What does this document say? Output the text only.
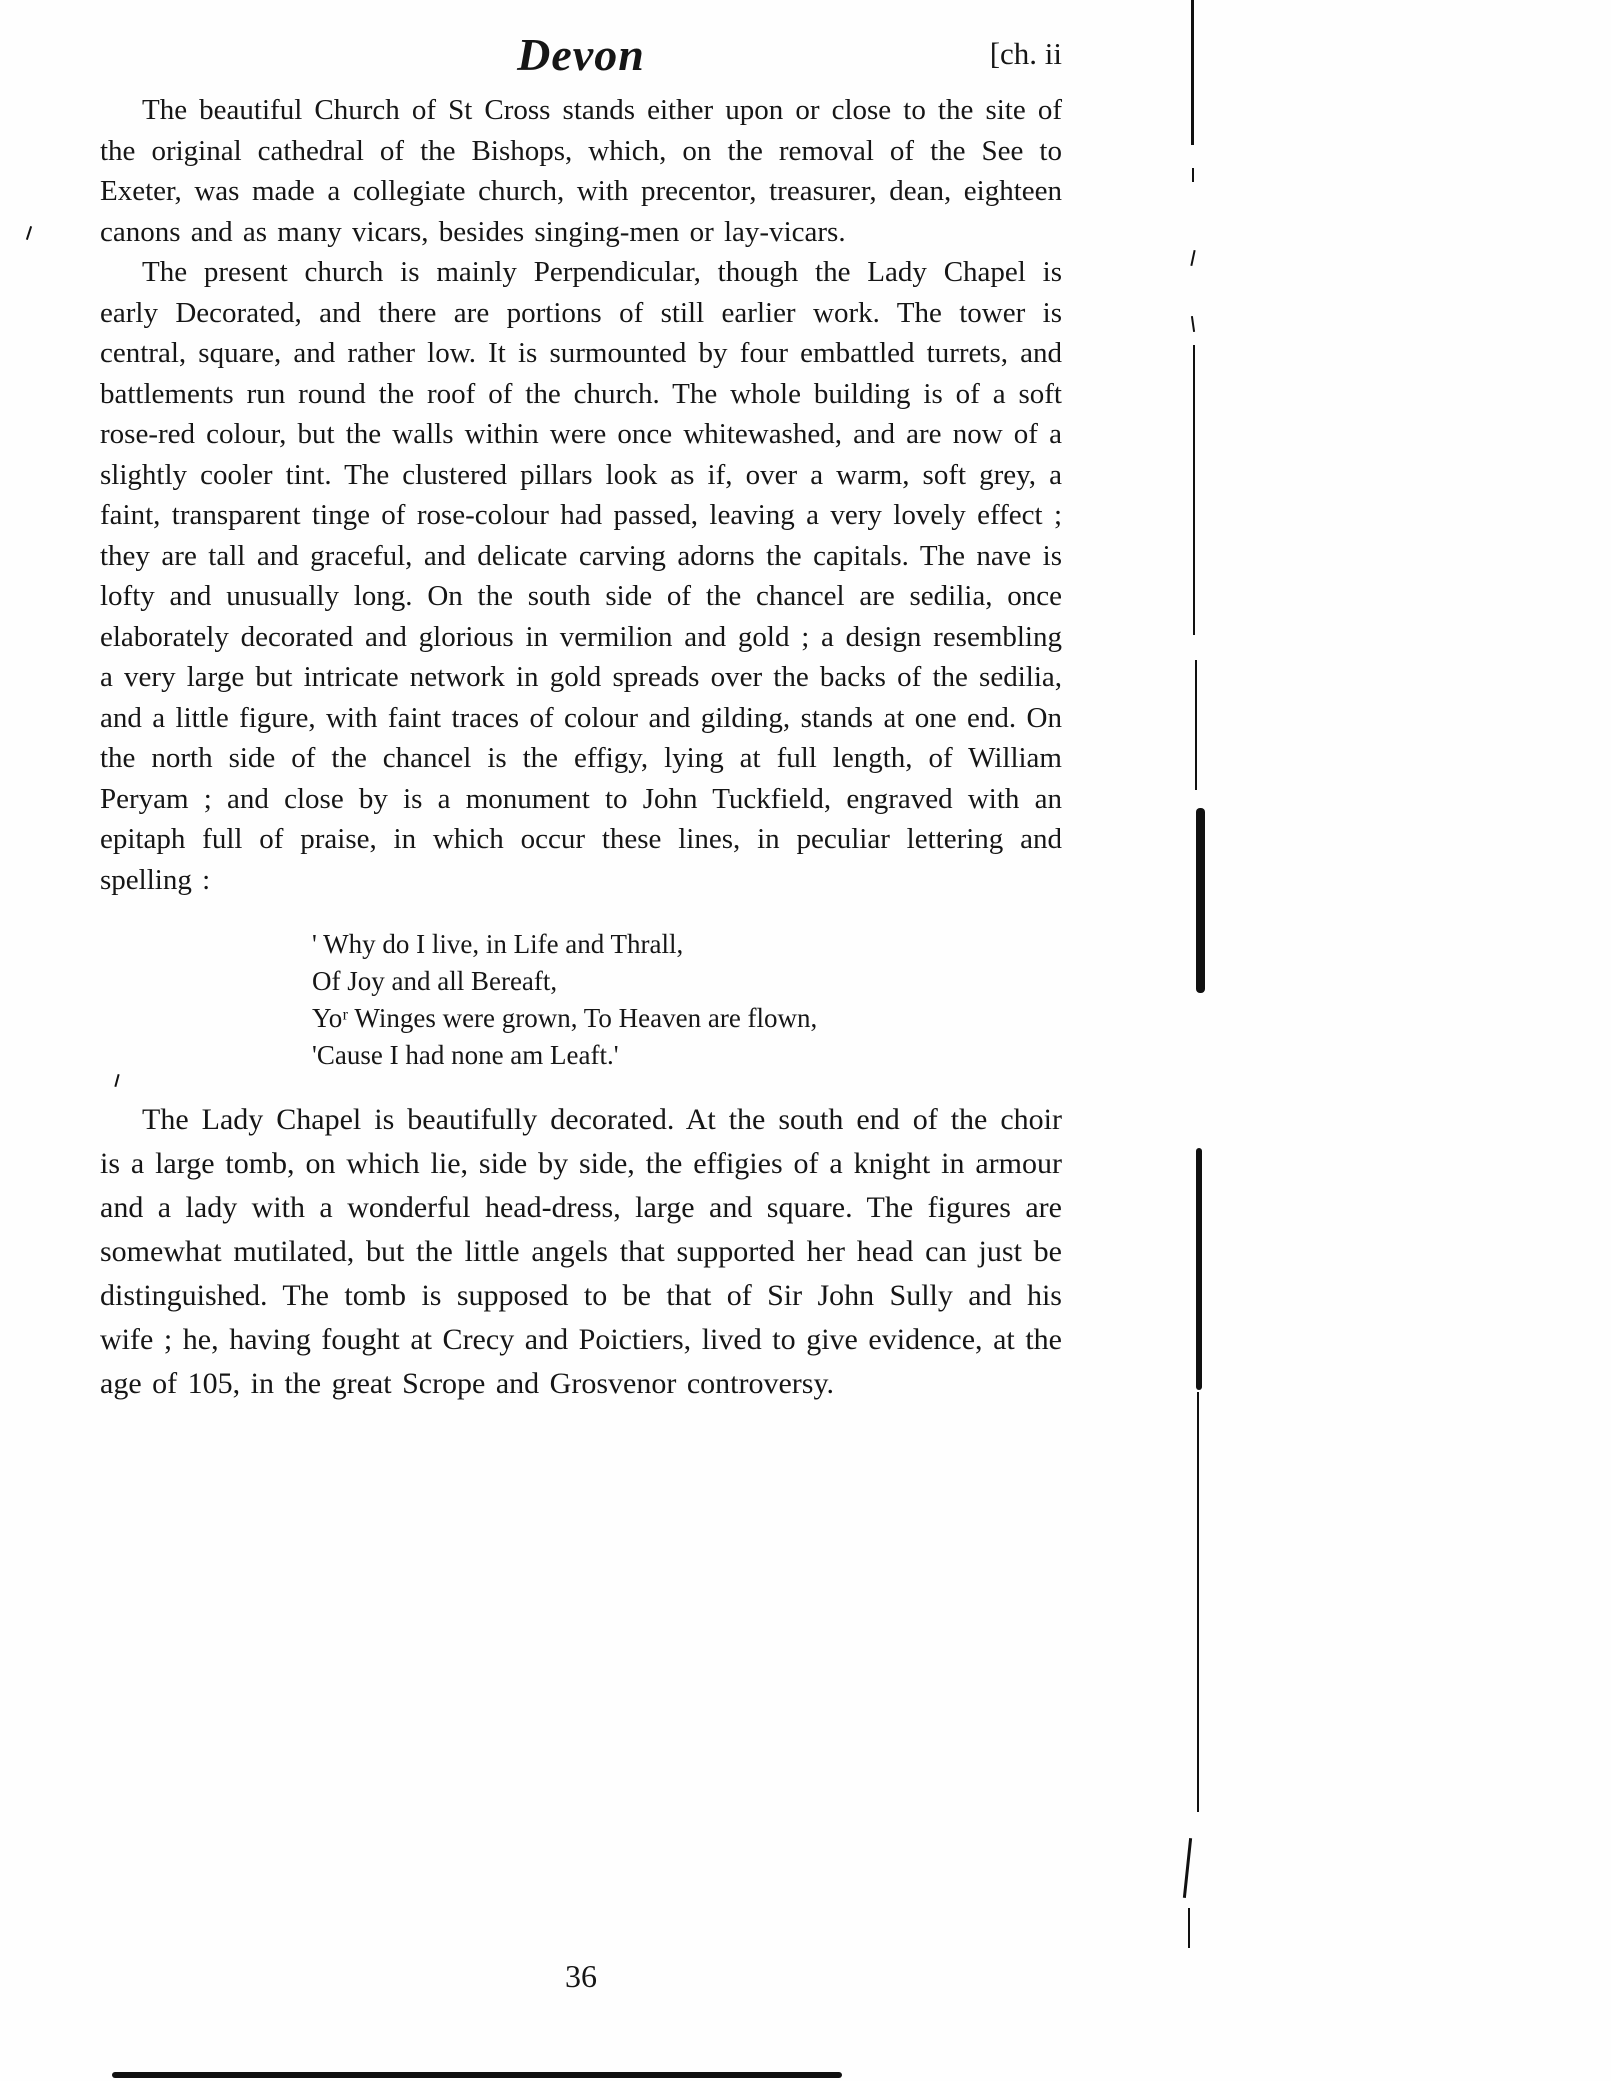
Devon	[ch. ii

The beautiful Church of St Cross stands either upon or close to the site of the original cathedral of the Bishops, which, on the removal of the See to Exeter, was made a collegiate church, with precentor, treasurer, dean, eighteen canons and as many vicars, besides singing-men or lay-vicars.

The present church is mainly Perpendicular, though the Lady Chapel is early Decorated, and there are portions of still earlier work. The tower is central, square, and rather low. It is surmounted by four embattled turrets, and battlements run round the roof of the church. The whole building is of a soft rose-red colour, but the walls within were once whitewashed, and are now of a slightly cooler tint. The clustered pillars look as if, over a warm, soft grey, a faint, transparent tinge of rose-colour had passed, leaving a very lovely effect ; they are tall and graceful, and delicate carving adorns the capitals. The nave is lofty and unusually long. On the south side of the chancel are sedilia, once elaborately decorated and glorious in vermilion and gold ; a design resembling a very large but intricate network in gold spreads over the backs of the sedilia, and a little figure, with faint traces of colour and gilding, stands at one end. On the north side of the chancel is the effigy, lying at full length, of William Peryam ; and close by is a monument to John Tuckfield, engraved with an epitaph full of praise, in which occur these lines, in peculiar lettering and spelling :

' Why do I live, in Life and Thrall,
Of Joy and all Bereaft,
Yoʳ Winges were grown, To Heaven are flown,
'Cause I had none am Leaft.'

The Lady Chapel is beautifully decorated. At the south end of the choir is a large tomb, on which lie, side by side, the effigies of a knight in armour and a lady with a wonderful head-dress, large and square. The figures are somewhat mutilated, but the little angels that supported her head can just be distinguished. The tomb is supposed to be that of Sir John Sully and his wife ; he, having fought at Crecy and Poictiers, lived to give evidence, at the age of 105, in the great Scrope and Grosvenor controversy.

36
